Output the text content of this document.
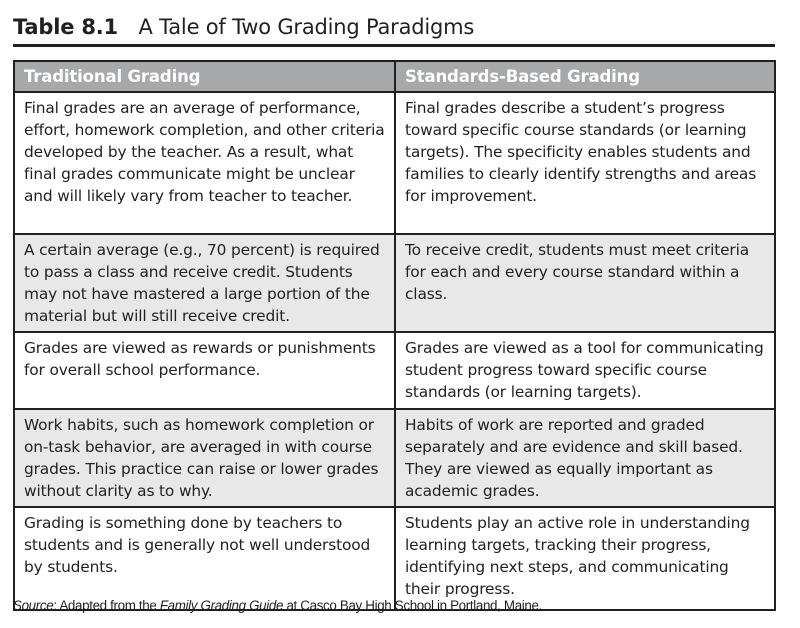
Table 8.1 A Tale of Two Grading Paradigms
Traditional Grading	Standards-Based Grading
Final grades are an average of performance, effort, homework completion, and other criteria developed by the teacher. As a result, what final grades communicate might be unclear and will likely vary from teacher to teacher.	Final grades describe a student’s progress toward specific course standards (or learning targets). The specificity enables students and families to clearly identify strengths and areas for improvement.
A certain average (e.g., 70 percent) is required to pass a class and receive credit. Students may not have mastered a large portion of the material but will still receive credit.	To receive credit, students must meet criteria for each and every course standard within a class.
Grades are viewed as rewards or punishments for overall school performance.	Grades are viewed as a tool for communicating student progress toward specific course standards (or learning targets).
Work habits, such as homework completion or on-task behavior, are averaged in with course grades. This practice can raise or lower grades without clarity as to why.	Habits of work are reported and graded separately and are evidence and skill based. They are viewed as equally important as academic grades.
Grading is something done by teachers to students and is generally not well understood by students.	Students play an active role in understanding learning targets, tracking their progress, identifying next steps, and communicating their progress.
Source: Adapted from the Family Grading Guide at Casco Bay High School in Portland, Maine.
